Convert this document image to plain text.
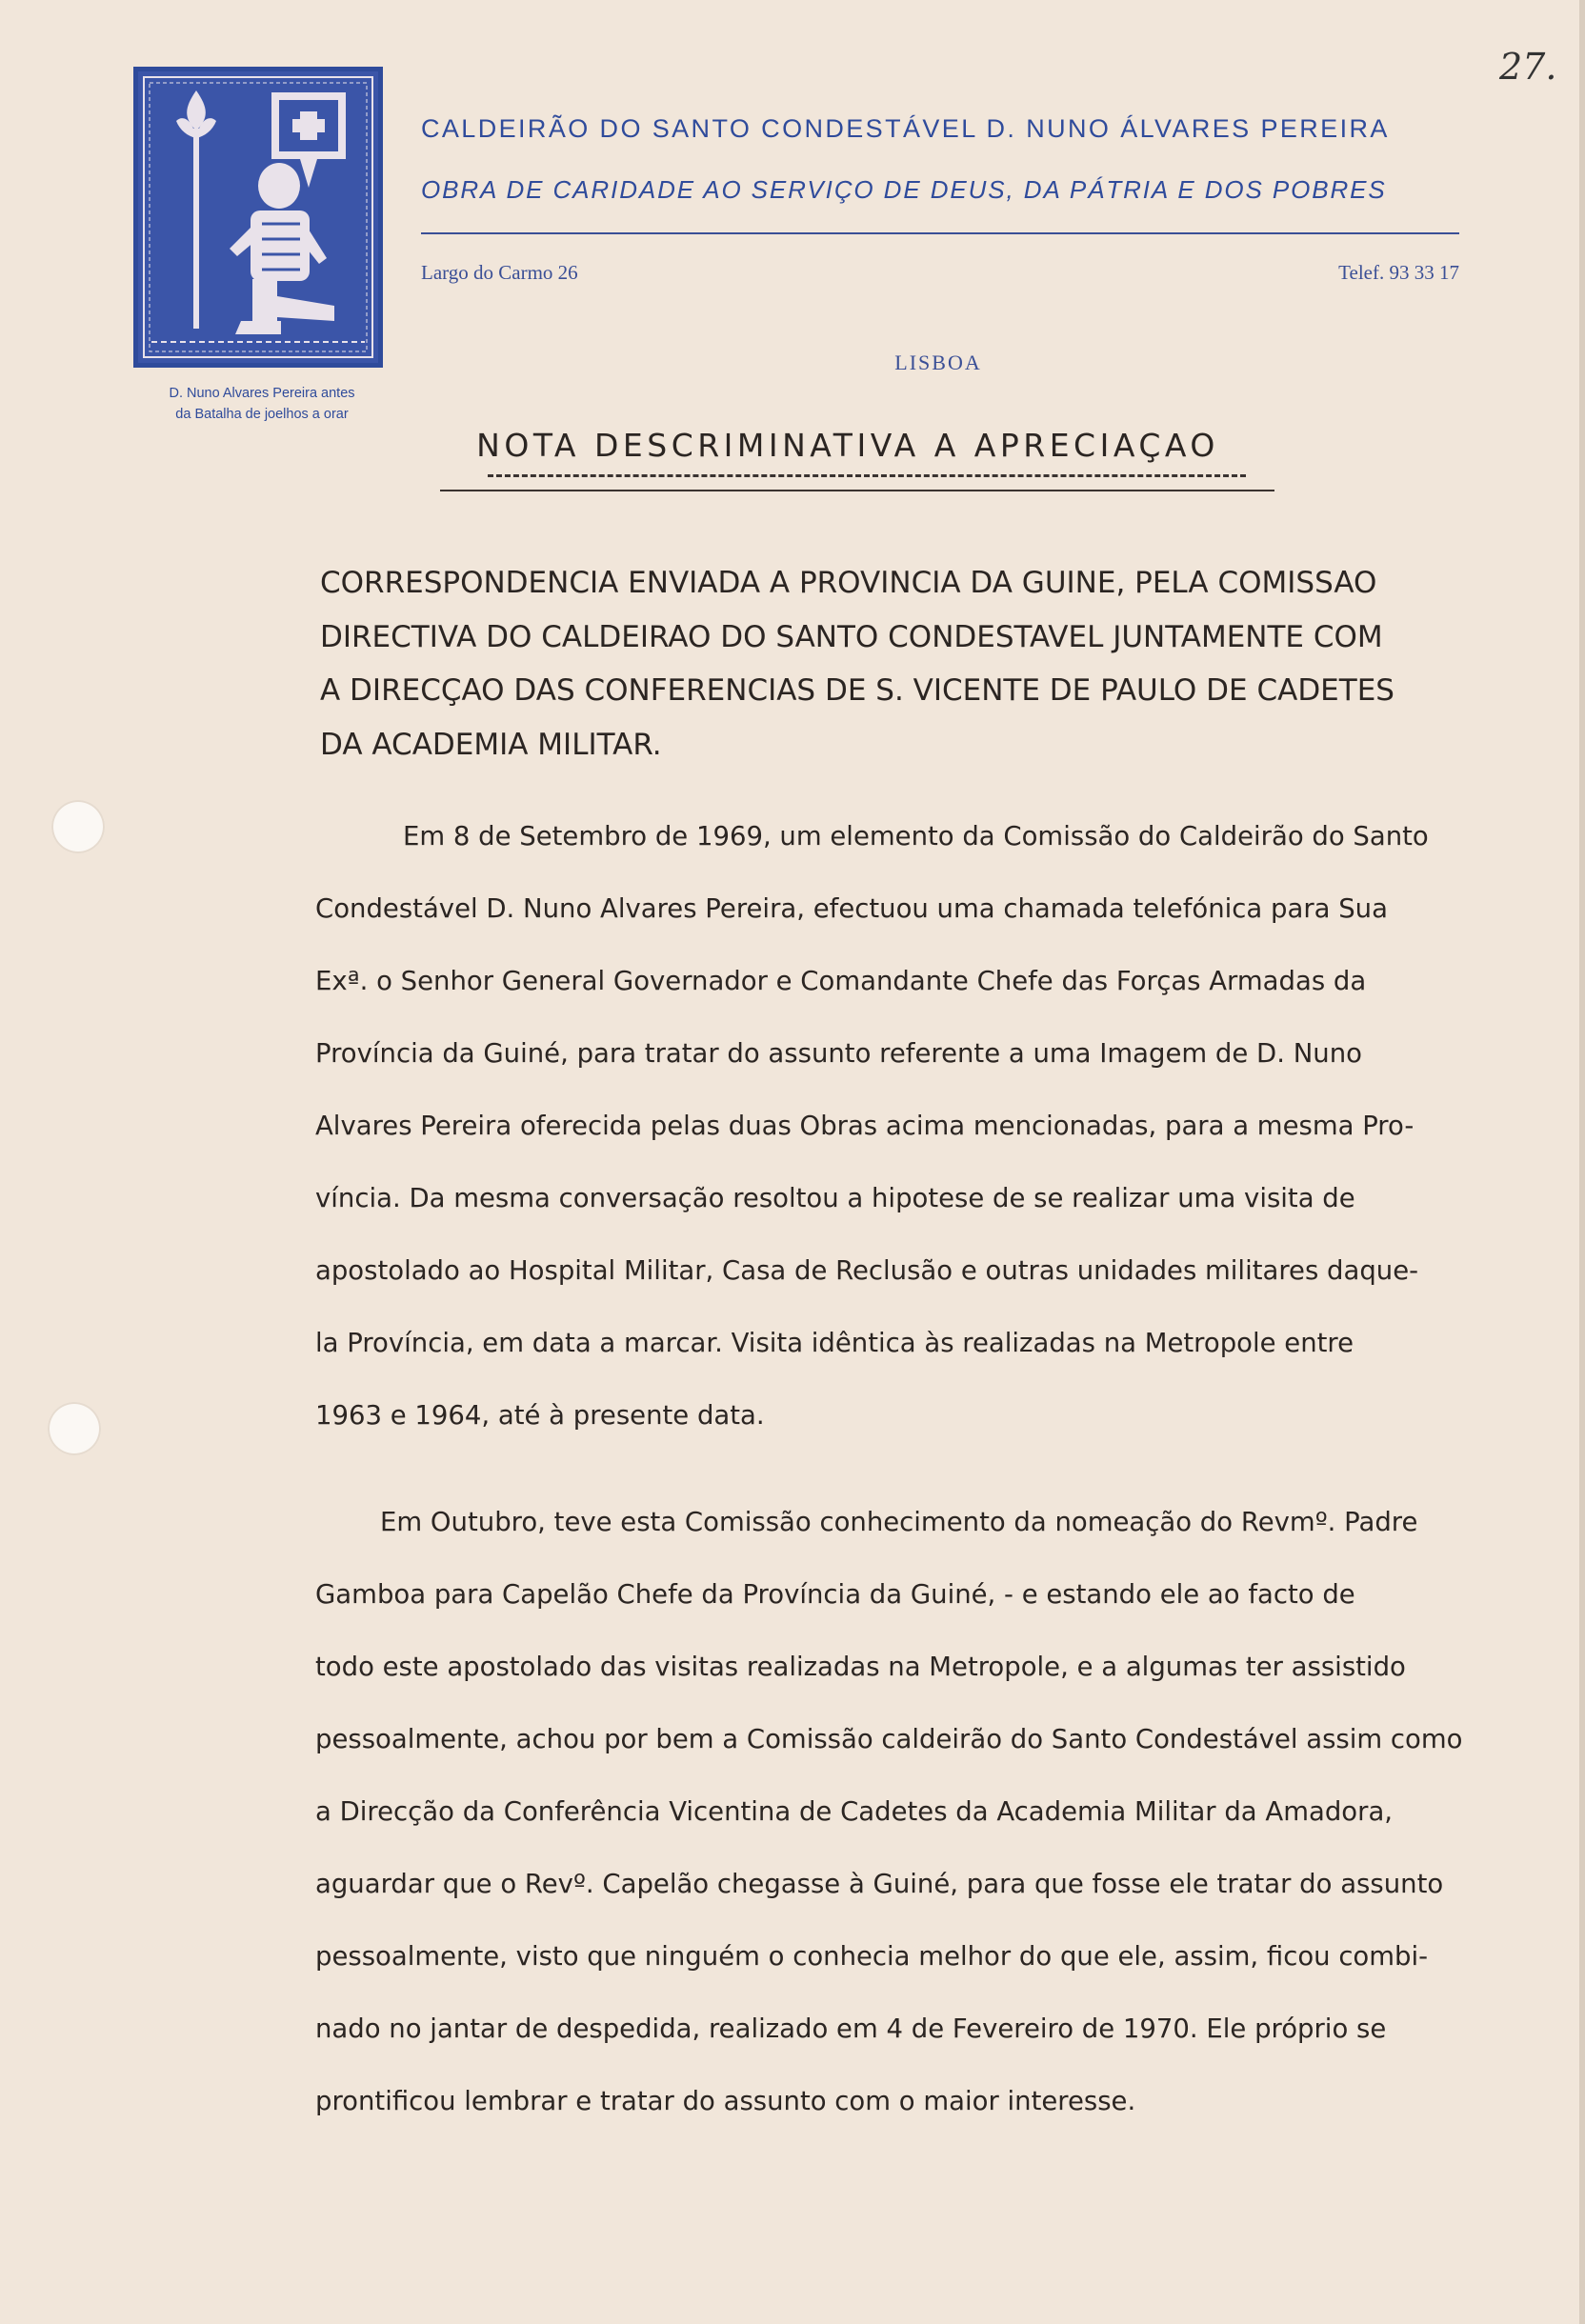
27.
D. Nuno Alvares Pereira antes
da Batalha de joelhos a orar
CALDEIRÃO DO SANTO CONDESTÁVEL D. NUNO ÁLVARES PEREIRA
OBRA DE CARIDADE AO SERVIÇO DE DEUS, DA PÁTRIA E DOS POBRES
Largo do Carmo 26	Telef. 93 33 17
LISBOA
NOTA DESCRIMINATIVA A APRECIAÇAO
CORRESPONDENCIA ENVIADA A PROVINCIA DA GUINE, PELA COMISSAO
DIRECTIVA DO CALDEIRAO DO SANTO CONDESTAVEL JUNTAMENTE COM
A DIRECÇAO DAS CONFERENCIAS DE S. VICENTE DE PAULO DE CADETES
DA ACADEMIA MILITAR.
Em 8 de Setembro de 1969, um elemento da Comissão do Caldeirão do Santo
Condestável D. Nuno Alvares Pereira, efectuou uma chamada telefónica para Sua
Exª. o Senhor General Governador e Comandante Chefe das Forças Armadas da
Província da Guiné, para tratar do assunto referente a uma Imagem de D. Nuno
Alvares Pereira oferecida pelas duas Obras acima mencionadas, para a mesma Pro-
víncia. Da mesma conversação resoltou a hipotese de se realizar uma visita de
apostolado ao Hospital Militar, Casa de Reclusão e outras unidades militares daque-
la Província, em data a marcar. Visita idêntica às realizadas na Metropole entre
1963 e 1964, até à presente data.
Em Outubro, teve esta Comissão conhecimento da nomeação do Revmº. Padre
Gamboa para Capelão Chefe da Província da Guiné, - e estando ele ao facto de
todo este apostolado das visitas realizadas na Metropole, e a algumas ter assistido
pessoalmente, achou por bem a Comissão caldeirão do Santo Condestável assim como
a Direcção da Conferência Vicentina de Cadetes da Academia Militar da Amadora,
aguardar que o Revº. Capelão chegasse à Guiné, para que fosse ele tratar do assunto
pessoalmente, visto que ninguém o conhecia melhor do que ele, assim, ficou combi-
nado no jantar de despedida, realizado em 4 de Fevereiro de 1970. Ele próprio se
prontificou lembrar e tratar do assunto com o maior interesse.
